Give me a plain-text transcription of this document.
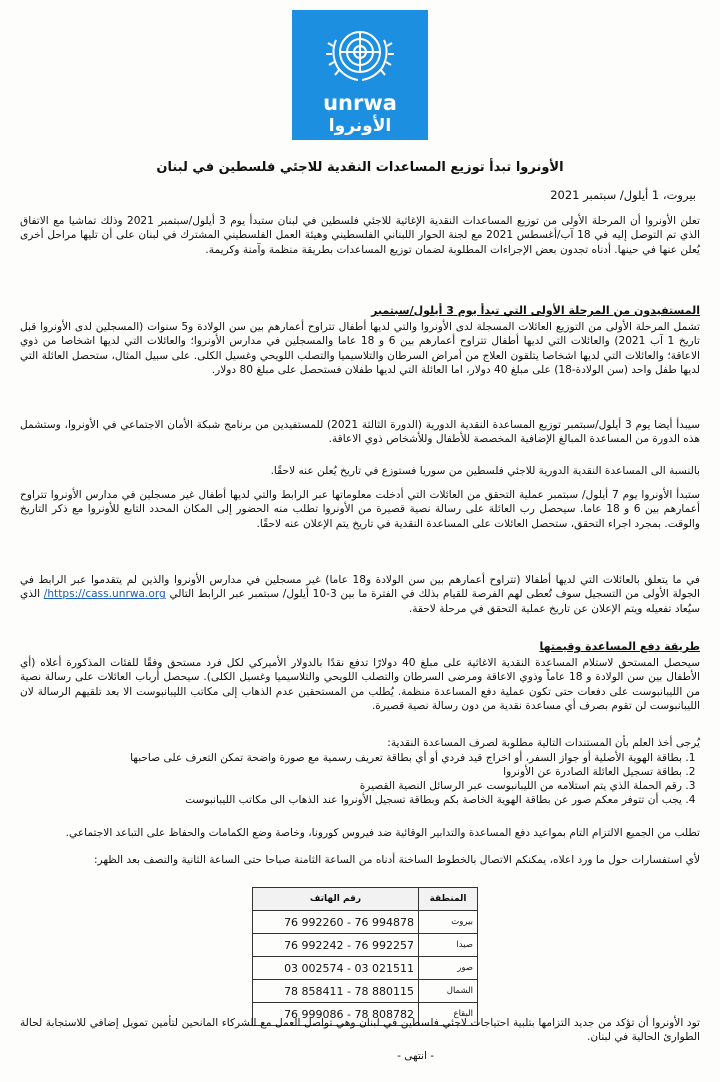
unrwa
الأونروا
الأونروا تبدأ توزيع المساعدات النقدية للاجئي فلسطين في لبنان
بيروت، 1 أيلول/ سبتمبر 2021
تعلن الأونروا أن المرحلة الأولى من توزيع المساعدات النقدية الإغاثية للاجئي فلسطين في لبنان ستبدأ يوم 3 أيلول/سبتمبر 2021 وذلك تماشيا مع الاتفاق الذي تم التوصل إليه في 18 آب/أغسطس 2021 مع لجنة الحوار اللبناني الفلسطيني وهيئة العمل الفلسطيني المشترك في لبنان على أن تليها مراحل أخرى يُعلن عنها في حينها. أدناه تجدون بعض الإجراءات المطلوبة لضمان توزيع المساعدات بطريقة منظمة وآمنة وكريمة.
المستفيدون من المرحلة الأولى التي تبدأ يوم 3 أيلول/سبتمبر
تشمل المرحلة الأولى من التوزيع العائلات المسجلة لدى الأونروا والتي لديها أطفال تتراوح أعمارهم بين سن الولادة و5 سنوات (المسجلين لدى الأونروا قبل تاريخ 1 آب 2021) والعائلات التي لديها أطفال تتراوح أعمارهم بين 6 و 18 عاما والمسجلين في مدارس الأونروا؛ والعائلات التي لديها اشخاصا من ذوي الاعاقة؛ والعائلات التي لديها اشخاصا يتلقون العلاج من أمراض السرطان والتلاسيميا والتصلب اللويحي وغسيل الكلى. على سبيل المثال، ستحصل العائلة التي لديها طفل واحد (سن الولادة-18) على مبلغ 40 دولار، اما العائلة التي لديها طفلان فستحصل على مبلغ 80 دولار.
سيبدأ أيضا يوم 3 أيلول/سبتمبر توزيع المساعدة النقدية الدورية (الدورة الثالثة 2021) للمستفيدين من برنامج شبكة الأمان الاجتماعي في الأونروا، وستشمل هذه الدورة من المساعدة المبالغ الإضافية المخصصة للأطفال وللأشخاص ذوي الاعاقة.
بالنسبة الى المساعدة النقدية الدورية للاجئي فلسطين من سوريا فستوزع في تاريخ يُعلن عنه لاحقًا.
ستبدأ الأونروا يوم 7 أيلول/ سبتمبر عملية التحقق من العائلات التي أدخلت معلوماتها عبر الرابط والتي لديها أطفال غير مسجلين في مدارس الأونروا تتراوح أعمارهم بين 6 و 18 عاما. سيحصل رب العائلة على رسالة نصية قصيرة من الأونروا تطلب منه الحضور إلى المكان المحدد التابع للأونروا مع ذكر التاريخ والوقت. بمجرد اجراء التحقق، ستحصل العائلات على المساعدة النقدية في تاريخ يتم الإعلان عنه لاحقًا.
في ما يتعلق بالعائلات التي لديها أطفالا (تتراوح أعمارهم بين سن الولادة و18 عاما) غير مسجلين في مدارس الأونروا والذين لم يتقدموا عبر الرابط في الجولة الأولى من التسجيل سوف تُعطى لهم الفرصة للقيام بذلك في الفترة ما بين 3-10 أيلول/ سبتمبر عبر الرابط التالي https://cass.unrwa.org/ الذي سيُعاد تفعيله ويتم الإعلان عن تاريخ عملية التحقق في مرحلة لاحقة.
طريقة دفع المساعدة وقيمتها
سيحصل المستحق لاستلام المساعدة النقدية الاغاثية على مبلغ 40 دولارًا تدفع نقدًا بالدولار الأميركي لكل فرد مستحق وفقًا للفئات المذكورة أعلاه (أي الأطفال بين سن الولادة و 18 عاماً وذوي الاعاقة ومرضى السرطان والتصلب اللويحي والتلاسيميا وغسيل الكلى). سيحصل أرباب العائلات على رسالة نصية من الليبانبوست على دفعات حتى تكون عملية دفع المساعدة منظمة. يُطلب من المستحقين عدم الذهاب إلى مكاتب الليبانبوست الا بعد تلقيهم الرسالة لان الليبانبوست لن تقوم بصرف أي مساعدة نقدية من دون رسالة نصية قصيرة.
يُرجى أخذ العلم بأن المستندات التالية مطلوبة لصرف المساعدة النقدية:
1. بطاقة الهوية الأصلية أو جواز السفر، أو اخراج قيد فردي أو أي بطاقة تعريف رسمية مع صورة واضحة تمكن التعرف على صاحبها
2. بطاقة تسجيل العائلة الصادرة عن الأونروا
3. رقم الحملة الذي يتم استلامه من الليبانبوست عبر الرسائل النصية القصيرة
4. يجب أن تتوفر معكم صور عن بطاقة الهوية الخاصة بكم وبطاقة تسجيل الأونروا عند الذهاب الى مكاتب الليبانبوست
تطلب من الجميع الالتزام التام بمواعيد دفع المساعدة والتدابير الوقائية ضد فيروس كورونا، وخاصة وضع الكمامات والحفاظ على التباعد الاجتماعي.
لأي استفسارات حول ما ورد اعلاه، يمكنكم الاتصال بالخطوط الساخنة أدناه من الساعة الثامنة صباحا حتى الساعة الثانية والنصف بعد الظهر:
المنطقة	رقم الهاتف
بيروت	76 992260 - 76 994878
صيدا	76 992242 - 76 992257
صور	03 002574 - 03 021511
الشمال	78 858411 - 78 880115
البقاع	76 999086 - 78 808782
تود الأونروا أن تؤكد من جديد التزامها بتلبية احتياجات لاجئي فلسطين في لبنان وهي تواصل العمل مع الشركاء المانحين لتأمين تمويل إضافي للاستجابة لحالة الطوارئ الحالية في لبنان.
- انتهى -
